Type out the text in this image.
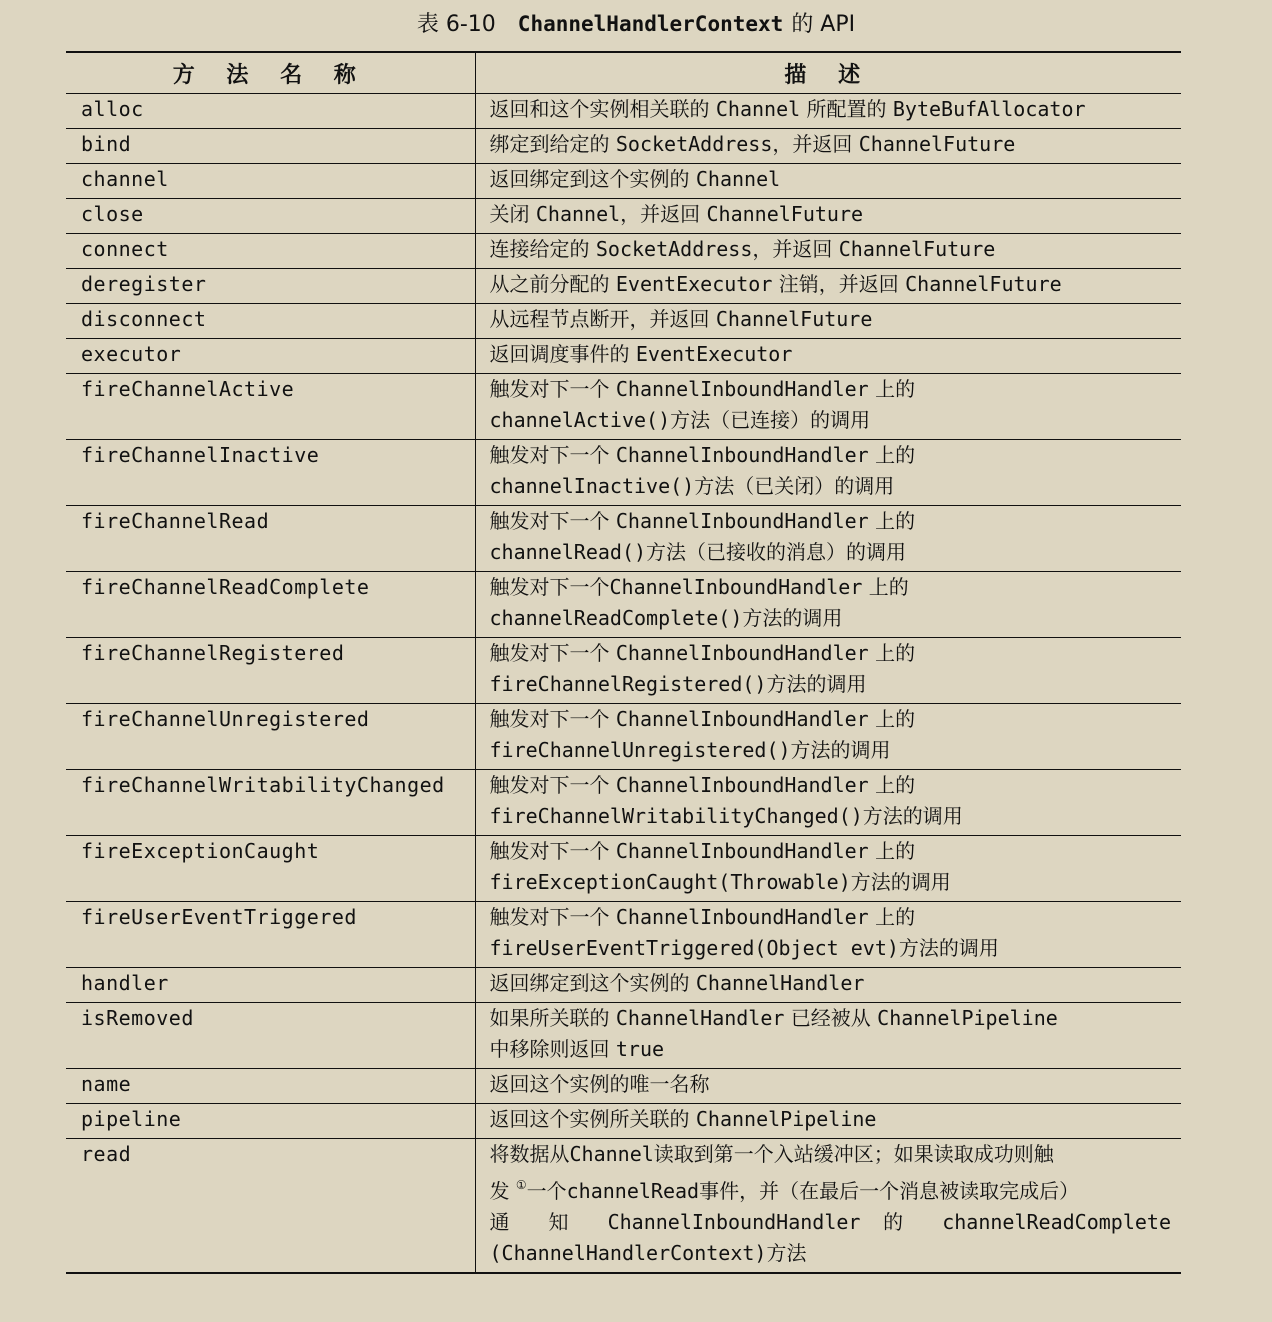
表 6-10 ChannelHandlerContext 的 API
方 法 名 称	描 述
alloc	返回和这个实例相关联的 Channel 所配置的 ByteBufAllocator

bind	绑定到给定的 SocketAddress，并返回 ChannelFuture

channel	返回绑定到这个实例的 Channel

close	关闭 Channel，并返回 ChannelFuture

connect	连接给定的 SocketAddress，并返回 ChannelFuture

deregister	从之前分配的 EventExecutor 注销，并返回 ChannelFuture

disconnect	从远程节点断开，并返回 ChannelFuture

executor	返回调度事件的 EventExecutor

fireChannelActive	触发对下一个 ChannelInboundHandler 上的
channelActive()方法（已连接）的调用

fireChannelInactive	触发对下一个 ChannelInboundHandler 上的
channelInactive()方法（已关闭）的调用

fireChannelRead	触发对下一个 ChannelInboundHandler 上的
channelRead()方法（已接收的消息）的调用

fireChannelReadComplete	触发对下一个ChannelInboundHandler 上的
channelReadComplete()方法的调用

fireChannelRegistered	触发对下一个 ChannelInboundHandler 上的
fireChannelRegistered()方法的调用

fireChannelUnregistered	触发对下一个 ChannelInboundHandler 上的
fireChannelUnregistered()方法的调用

fireChannelWritabilityChanged	触发对下一个 ChannelInboundHandler 上的
fireChannelWritabilityChanged()方法的调用

fireExceptionCaught	触发对下一个 ChannelInboundHandler 上的
fireExceptionCaught(Throwable)方法的调用

fireUserEventTriggered	触发对下一个 ChannelInboundHandler 上的
fireUserEventTriggered(Object evt)方法的调用

handler	返回绑定到这个实例的 ChannelHandler

isRemoved	如果所关联的 ChannelHandler 已经被从 ChannelPipeline
中移除则返回 true

name	返回这个实例的唯一名称

pipeline	返回这个实例所关联的 ChannelPipeline

read	将数据从Channel读取到第一个入站缓冲区；如果读取成功则触
发 ①一个channelRead事件，并（在最后一个消息被读取完成后）
通 知 ChannelInboundHandler 的 channelReadComplete
(ChannelHandlerContext)方法
